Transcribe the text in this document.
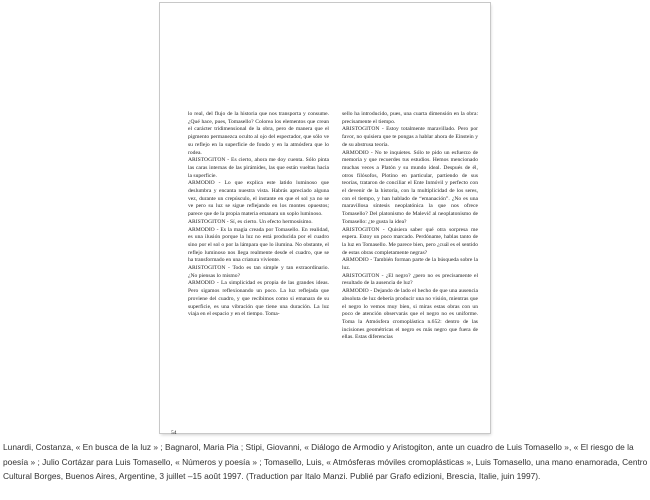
lo real, del flujo de la historia que nos transporta y consume. ¿Qué hace, pues, Tomasello? Colorea los elementos que crean el carácter tridimensional de la obra, pero de manera que el pigmento permanezca oculto al ojo del espectador, que sólo ve su reflejo en la superficie de fondo y en la atmósfera que lo rodea.
ARISTOGITON - Es cierto, ahora me doy cuenta. Sólo pinta las caras internas de las pirámides, las que están vueltas hacia la superficie.
ARMODIO - Lo que explica este latido luminoso que deslumbra y encanta nuestra vista. Habrás apreciado alguna vez, durante un crepúsculo, el instante en que el sol ya no se ve pero su luz se sigue reflejando en los montes opuestos; parece que de la propia materia emanara un soplo luminoso.
ARISTOGITON - Sí, es cierto. Un efecto hermosísimo.
ARMODIO - Es la magia creada por Tomasello. En realidad, es una ilusión porque la luz no está producida por el cuadro sino por el sol o por la lámpara que lo ilumina. No obstante, el reflejo luminoso nos llega realmente desde el cuadro, que se ha transformado en una criatura viviente.
ARISTOGITON - Todo es tan simple y tan extraordinario. ¿No piensas lo mismo?
ARMODIO - La simplicidad es propia de las grandes ideas. Pero sigamos reflexionando un poco. La luz reflejada que proviene del cuadro, y que recibimos como si emanara de su superficie, es una vibración que tiene una duración. La luz viaja en el espacio y en el tiempo. Toma-
sello ha introducido, pues, una cuarta dimensión en la obra: precisamente el tiempo.
ARISTOGITON - Estoy totalmente maravillado. Pero por favor, no quisiera que te pongas a hablar ahora de Einstein y de su abstrusa teoría.
ARMODIO - No te inquietes. Sólo te pido un esfuerzo de memoria y que recuerdes tus estudios. Hemos mencionado muchas veces a Platón y su mundo ideal. Después de él, otros filósofos, Plotino en particular, partiendo de sus teorías, trataron de conciliar el Ente Inmóvil y perfecto con el devenir de la historia, con la multiplicidad de los seres, con el tiempo, y han hablado de “emanación”. ¿No es una maravillosa síntesis neoplatónica la que nos ofrece Tomasello? Del platonismo de Malevič al neoplatonismo de Tomasello: ¿te gusta la idea?
ARISTOGITON - Quisiera saber qué otra sorpresa me espera. Estoy un poco marcado. Perdóname, hablas tanto de la luz en Tomasello. Me parece bien, pero ¿cuál es el sentido de estas obras completamente negras?
ARMODIO - También forman parte de la búsqueda sobre la luz.
ARISTOGITON - ¿El negro? ¿pero no es precisamente el resultado de la ausencia de luz?
ARMODIO - Dejando de lado el hecho de que una ausencia absoluta de luz debería producir una no visión, mientras que el negro lo vemos muy bien, si miras estas obras con un poco de atención observarás que el negro no es uniforme. Toma la Atmósfera cromoplástica n.652: dentro de las incisiones geométricas el negro es más negro que fuera de ellas. Estas diferencias
54
Lunardi, Costanza, « En busca de la luz » ; Bagnarol, Maria Pia ; Stipi, Giovanni, « Diálogo de Armodio y Aristogiton, ante un cuadro de Luis Tomasello », « El riesgo de la poesía » ; Julio Cortázar para Luis Tomasello, « Números y poesía » ; Tomasello, Luis, « Atmósferas móviles cromoplásticas », Luis Tomasello, una mano enamorada, Centro Cultural Borges, Buenos Aires, Argentine, 3 juillet –15 août 1997. (Traduction par Italo Manzi. Publié par Grafo edizioni, Brescia, Italie, juin 1997).
